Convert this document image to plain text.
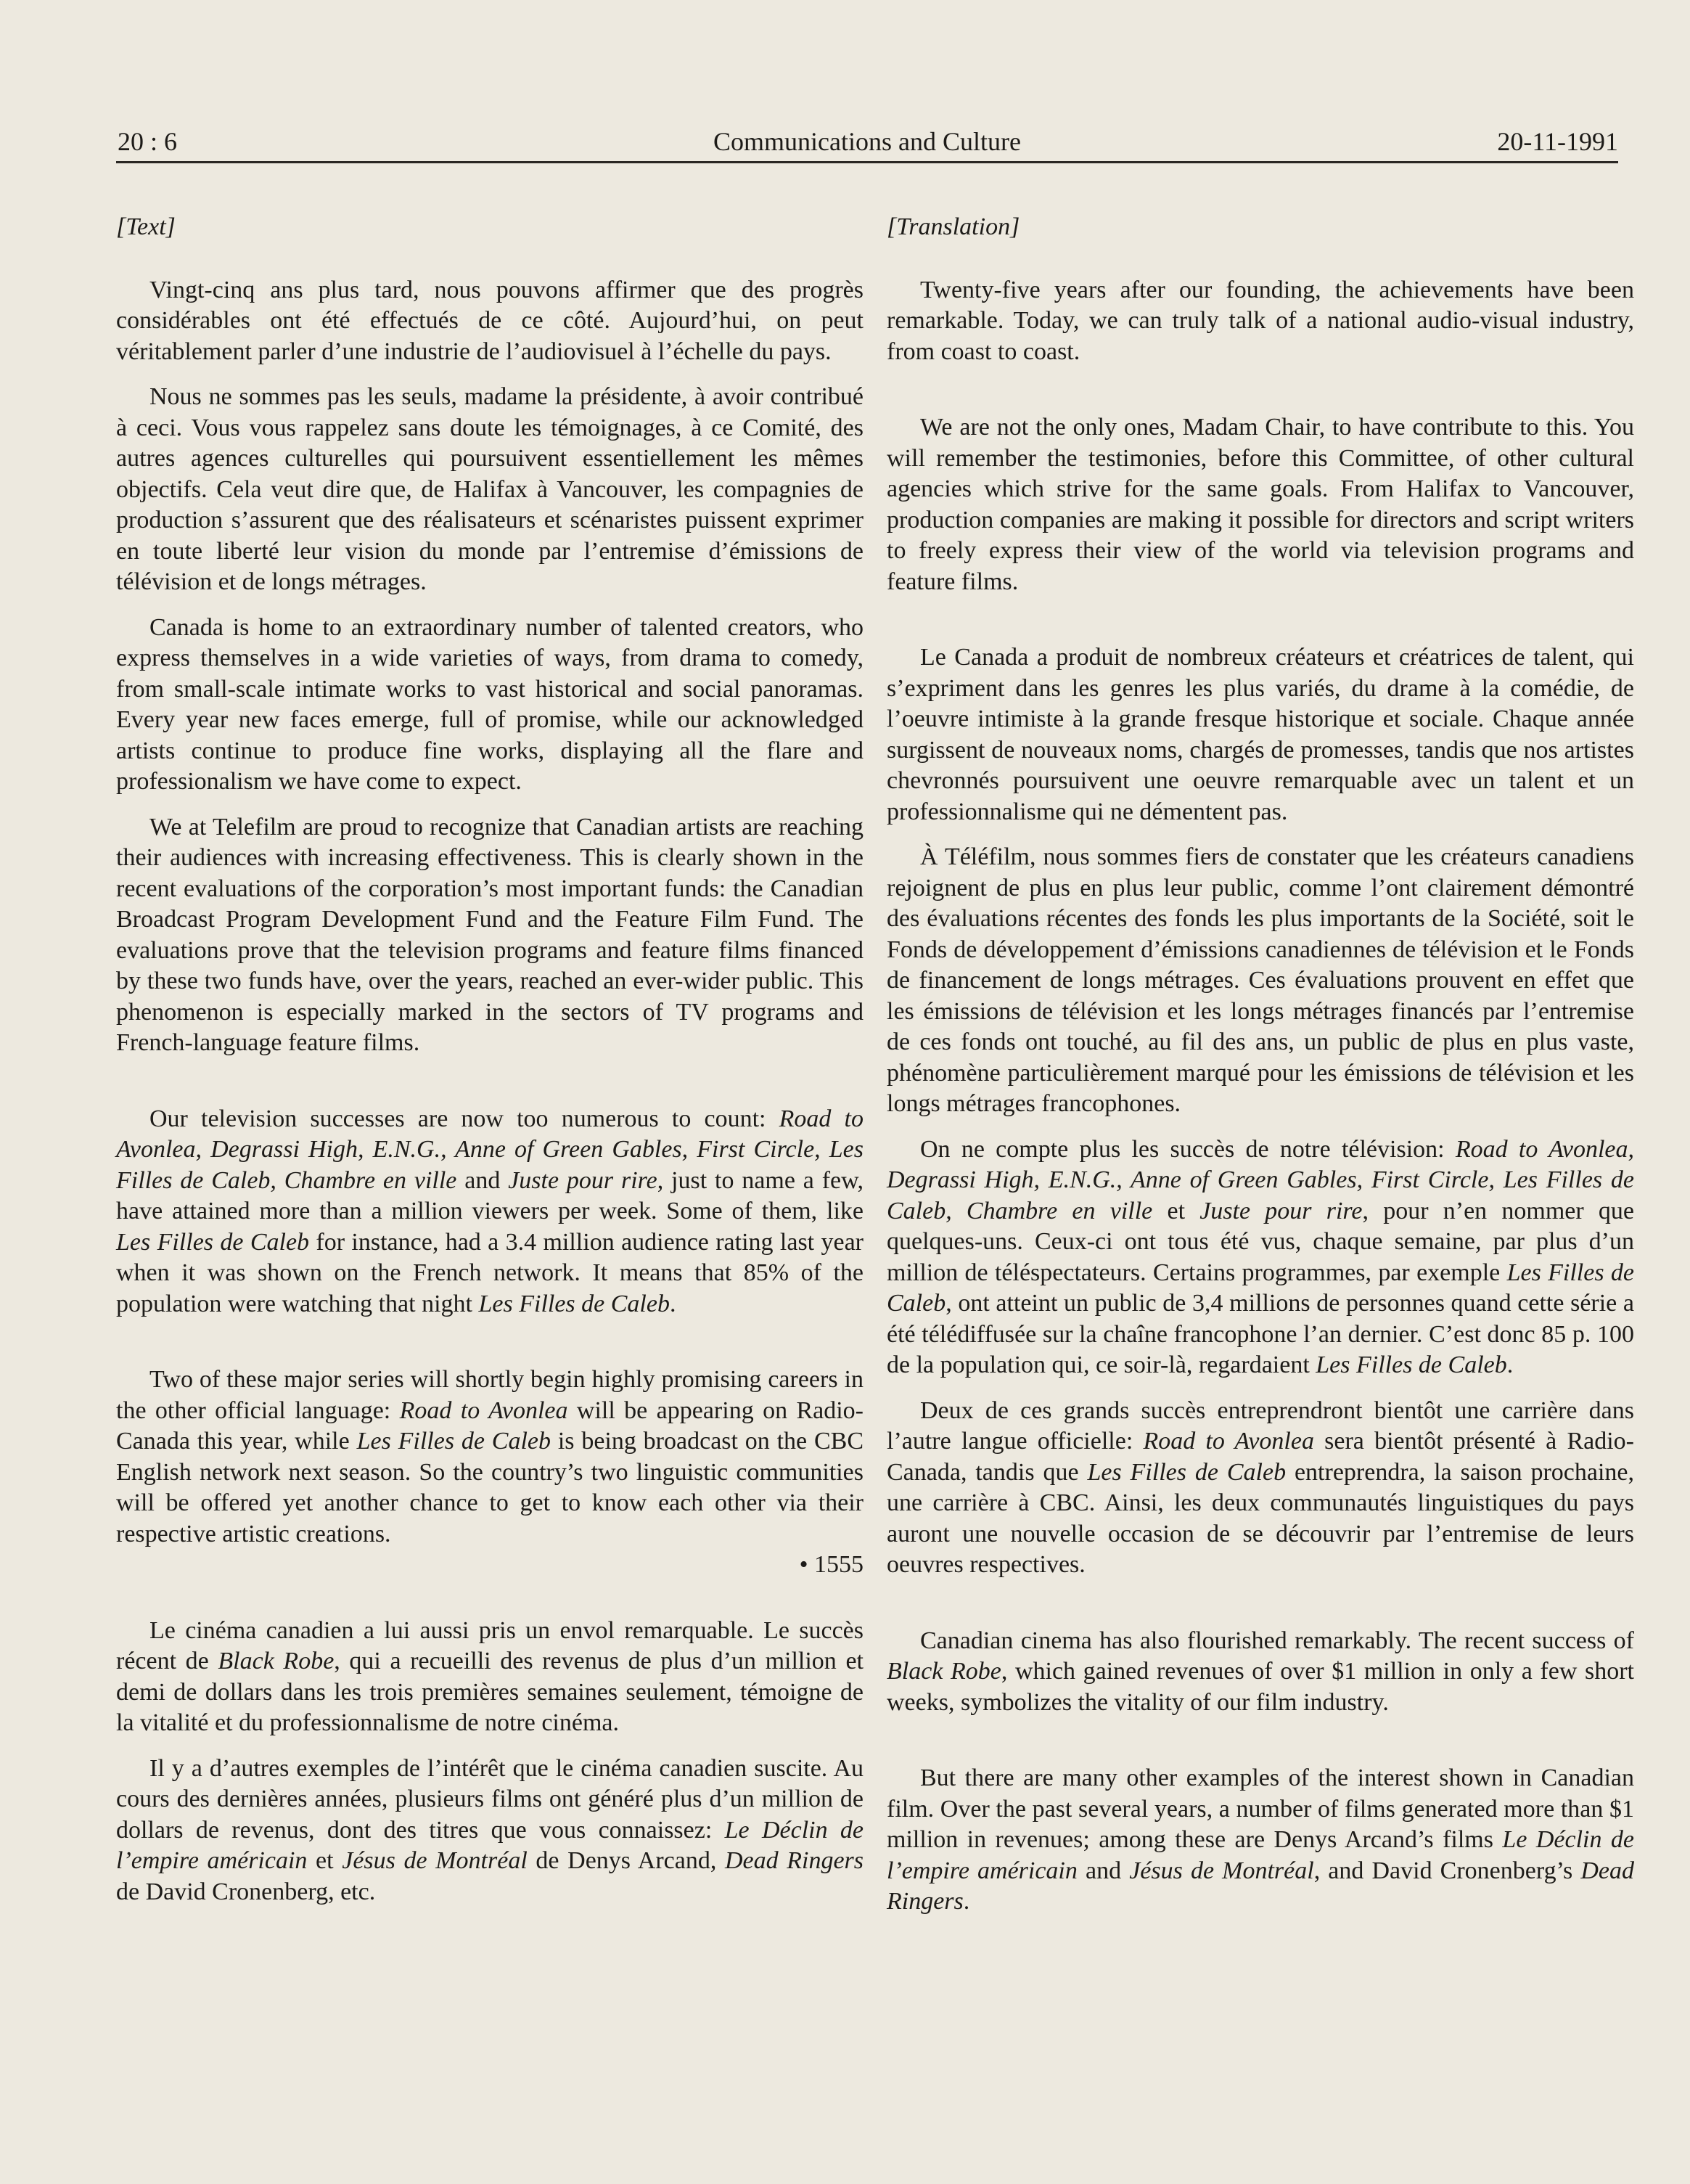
20 : 6	Communications and Culture	20-11-1991

[Text]

Vingt-cinq ans plus tard, nous pouvons affirmer que des progrès considérables ont été effectués de ce côté. Aujourd’hui, on peut véritablement parler d’une industrie de l’audiovisuel à l’échelle du pays.

Nous ne sommes pas les seuls, madame la présidente, à avoir contribué à ceci. Vous vous rappelez sans doute les témoignages, à ce Comité, des autres agences culturelles qui poursuivent essentiellement les mêmes objectifs. Cela veut dire que, de Halifax à Vancouver, les compagnies de production s’assurent que des réalisateurs et scénaristes puissent exprimer en toute liberté leur vision du monde par l’entremise d’émissions de télévision et de longs métrages.

Canada is home to an extraordinary number of talented creators, who express themselves in a wide varieties of ways, from drama to comedy, from small-scale intimate works to vast historical and social panoramas. Every year new faces emerge, full of promise, while our acknowledged artists continue to produce fine works, displaying all the flare and professionalism we have come to expect.

We at Telefilm are proud to recognize that Canadian artists are reaching their audiences with increasing effectiveness. This is clearly shown in the recent evaluations of the corporation’s most important funds: the Canadian Broadcast Program Development Fund and the Feature Film Fund. The evaluations prove that the television programs and feature films financed by these two funds have, over the years, reached an ever-wider public. This phenomenon is especially marked in the sectors of TV programs and French-language feature films.

Our television successes are now too numerous to count: Road to Avonlea, Degrassi High, E.N.G., Anne of Green Gables, First Circle, Les Filles de Caleb, Chambre en ville and Juste pour rire, just to name a few, have attained more than a million viewers per week. Some of them, like Les Filles de Caleb for instance, had a 3.4 million audience rating last year when it was shown on the French network. It means that 85% of the population were watching that night Les Filles de Caleb.

Two of these major series will shortly begin highly promising careers in the other official language: Road to Avonlea will be appearing on Radio-Canada this year, while Les Filles de Caleb is being broadcast on the CBC English network next season. So the country’s two linguistic communities will be offered yet another chance to get to know each other via their respective artistic creations.

• 1555

Le cinéma canadien a lui aussi pris un envol remarquable. Le succès récent de Black Robe, qui a recueilli des revenus de plus d’un million et demi de dollars dans les trois premières semaines seulement, témoigne de la vitalité et du professionnalisme de notre cinéma.

Il y a d’autres exemples de l’intérêt que le cinéma canadien suscite. Au cours des dernières années, plusieurs films ont généré plus d’un million de dollars de revenus, dont des titres que vous connaissez: Le Déclin de l’empire américain et Jésus de Montréal de Denys Arcand, Dead Ringers de David Cronenberg, etc.

[Translation]

Twenty-five years after our founding, the achievements have been remarkable. Today, we can truly talk of a national audio-visual industry, from coast to coast.

We are not the only ones, Madam Chair, to have contribute to this. You will remember the testimonies, before this Committee, of other cultural agencies which strive for the same goals. From Halifax to Vancouver, production companies are making it possible for directors and script writers to freely express their view of the world via television programs and feature films.

Le Canada a produit de nombreux créateurs et créatrices de talent, qui s’expriment dans les genres les plus variés, du drame à la comédie, de l’oeuvre intimiste à la grande fresque historique et sociale. Chaque année surgissent de nouveaux noms, chargés de promesses, tandis que nos artistes chevronnés poursuivent une oeuvre remarquable avec un talent et un professionnalisme qui ne démentent pas.

À Téléfilm, nous sommes fiers de constater que les créateurs canadiens rejoignent de plus en plus leur public, comme l’ont clairement démontré des évaluations récentes des fonds les plus importants de la Société, soit le Fonds de développement d’émissions canadiennes de télévision et le Fonds de financement de longs métrages. Ces évaluations prouvent en effet que les émissions de télévision et les longs métrages financés par l’entremise de ces fonds ont touché, au fil des ans, un public de plus en plus vaste, phénomène particulièrement marqué pour les émissions de télévision et les longs métrages francophones.

On ne compte plus les succès de notre télévision: Road to Avonlea, Degrassi High, E.N.G., Anne of Green Gables, First Circle, Les Filles de Caleb, Chambre en ville et Juste pour rire, pour n’en nommer que quelques-uns. Ceux-ci ont tous été vus, chaque semaine, par plus d’un million de téléspectateurs. Certains programmes, par exemple Les Filles de Caleb, ont atteint un public de 3,4 millions de personnes quand cette série a été télédiffusée sur la chaîne francophone l’an dernier. C’est donc 85 p. 100 de la population qui, ce soir-là, regardaient Les Filles de Caleb.

Deux de ces grands succès entreprendront bientôt une carrière dans l’autre langue officielle: Road to Avonlea sera bientôt présenté à Radio-Canada, tandis que Les Filles de Caleb entreprendra, la saison prochaine, une carrière à CBC. Ainsi, les deux communautés linguistiques du pays auront une nouvelle occasion de se découvrir par l’entremise de leurs oeuvres respectives.

Canadian cinema has also flourished remarkably. The recent success of Black Robe, which gained revenues of over $1 million in only a few short weeks, symbolizes the vitality of our film industry.

But there are many other examples of the interest shown in Canadian film. Over the past several years, a number of films generated more than $1 million in revenues; among these are Denys Arcand’s films Le Déclin de l’empire américain and Jésus de Montréal, and David Cronenberg’s Dead Ringers.
